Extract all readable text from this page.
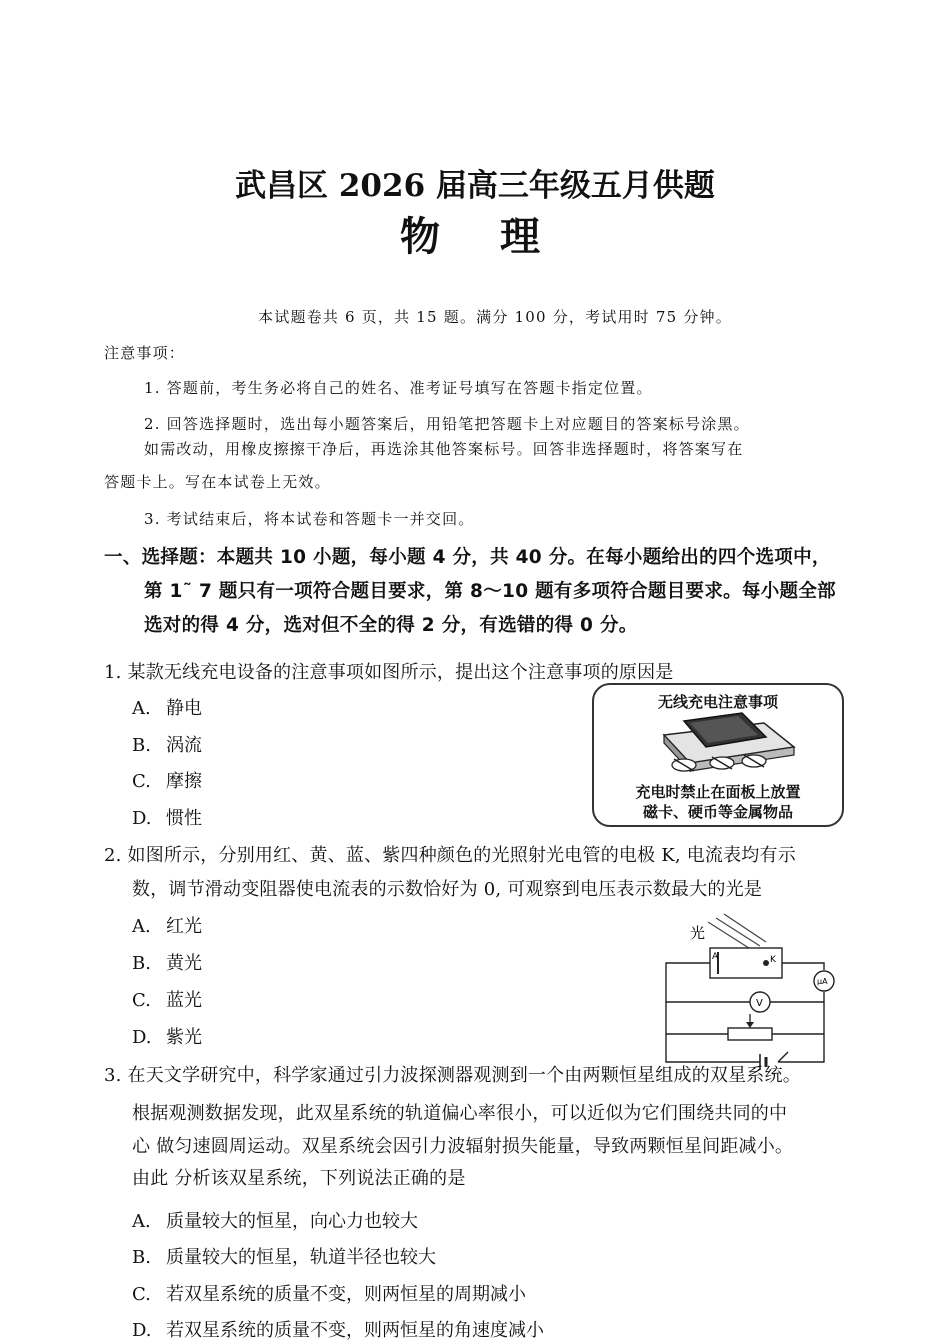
武昌区 2026 届高三年级五月供题
物　理
本试题卷共 6 页，共 15 题。满分 100 分，考试用时 75 分钟。
注意事项：
1. 答题前，考生务必将自己的姓名、准考证号填写在答题卡指定位置。
2. 回答选择题时，选出每小题答案后，用铅笔把答题卡上对应题目的答案标号涂黑。
如需改动，用橡皮擦擦干净后，再选涂其他答案标号。回答非选择题时，将答案写在
答题卡上。写在本试卷上无效。
3. 考试结束后，将本试卷和答题卡一并交回。
一、选择题：本题共 10 小题，每小题 4 分，共 40 分。在每小题给出的四个选项中，
第 1˜ 7 题只有一项符合题目要求，第 8～10 题有多项符合题目要求。每小题全部
选对的得 4 分，选对但不全的得 2 分，有选错的得 0 分。
1. 某款无线充电设备的注意事项如图所示，提出这个注意事项的原因是
A. 静电
B. 涡流
C. 摩擦
D. 惯性
无线充电注意事项
充电时禁止在面板上放置
磁卡、硬币等金属物品
2. 如图所示，分别用红、黄、蓝、紫四种颜色的光照射光电管的电极 K, 电流表均有示
数，调节滑动变阻器使电流表的示数恰好为 0, 可观察到电压表示数最大的光是
A. 红光
B. 黄光
C. 蓝光
D. 紫光
光
A	K
μA
V
3. 在天文学研究中，科学家通过引力波探测器观测到一个由两颗恒星组成的双星系统。
根据观测数据发现，此双星系统的轨道偏心率很小，可以近似为它们围绕共同的中
心 做匀速圆周运动。双星系统会因引力波辐射损失能量，导致两颗恒星间距减小。
由此 分析该双星系统，下列说法正确的是
A. 质量较大的恒星，向心力也较大
B. 质量较大的恒星，轨道半径也较大
C. 若双星系统的质量不变，则两恒星的周期减小
D. 若双星系统的质量不变，则两恒星的角速度减小
